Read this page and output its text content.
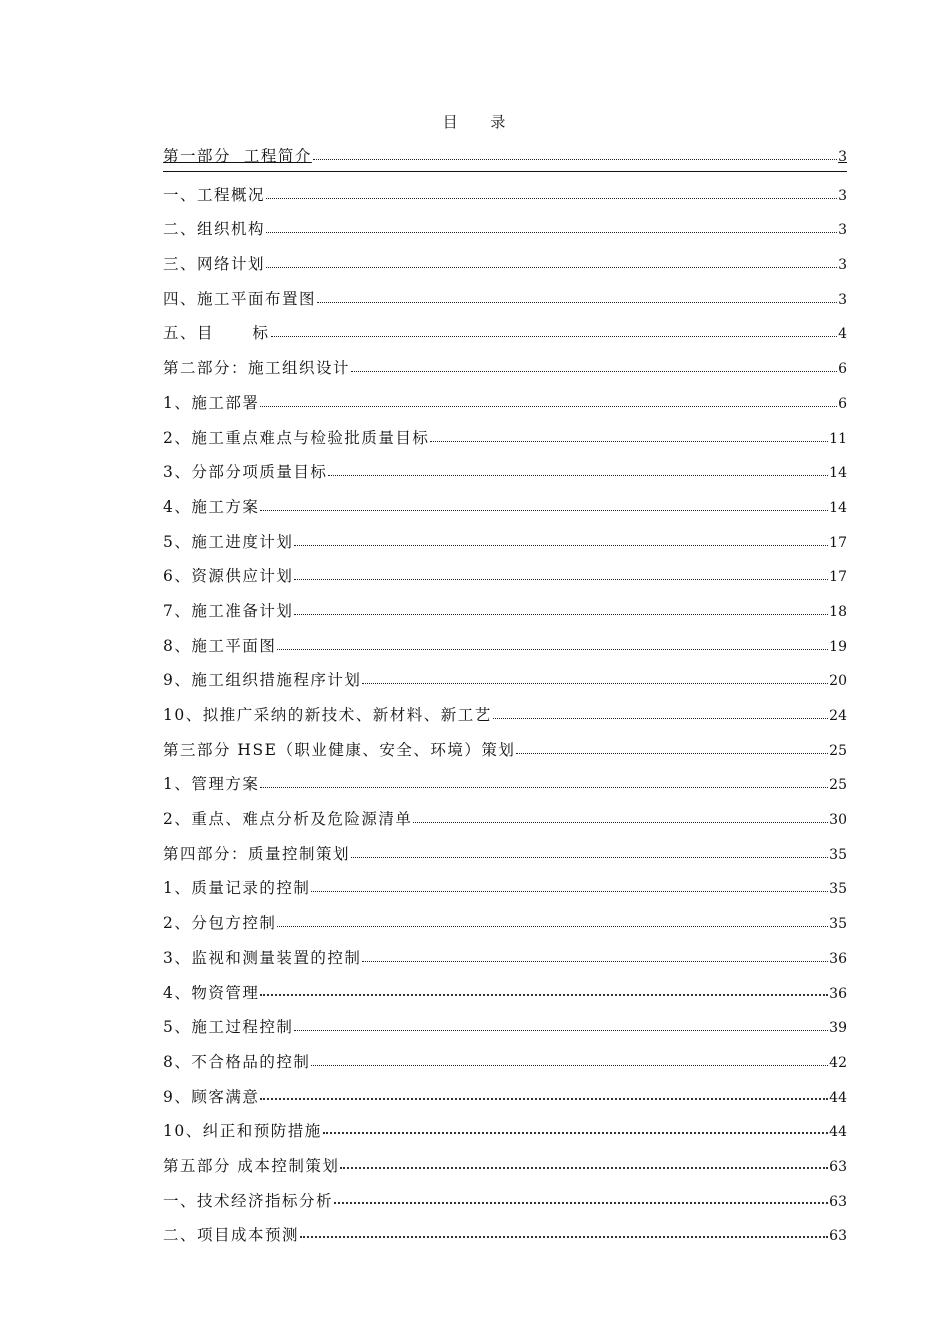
目 录
第一部分  工程简介	3
一、工程概况	3
二、组织机构	3
三、网络计划	3
四、施工平面布置图	3
五、目      标	4
第二部分：施工组织设计	6
1、施工部署	6
2、施工重点难点与检验批质量目标	11
3、分部分项质量目标	14
4、施工方案	14
5、施工进度计划	17
6、资源供应计划	17
7、施工准备计划	18
8、施工平面图	19
9、施工组织措施程序计划	20
10、拟推广采纳的新技术、新材料、新工艺	24
第三部分 HSE（职业健康、安全、环境）策划	25
1、管理方案	25
2、重点、难点分析及危险源清单	30
第四部分：质量控制策划	35
1、质量记录的控制	35
2、分包方控制	35
3、监视和测量装置的控制	36
4、物资管理	36
5、施工过程控制	39
8、不合格品的控制	42
9、顾客满意	44
10、纠正和预防措施	44
第五部分 成本控制策划	63
一、技术经济指标分析	63
二、项目成本预测	63
